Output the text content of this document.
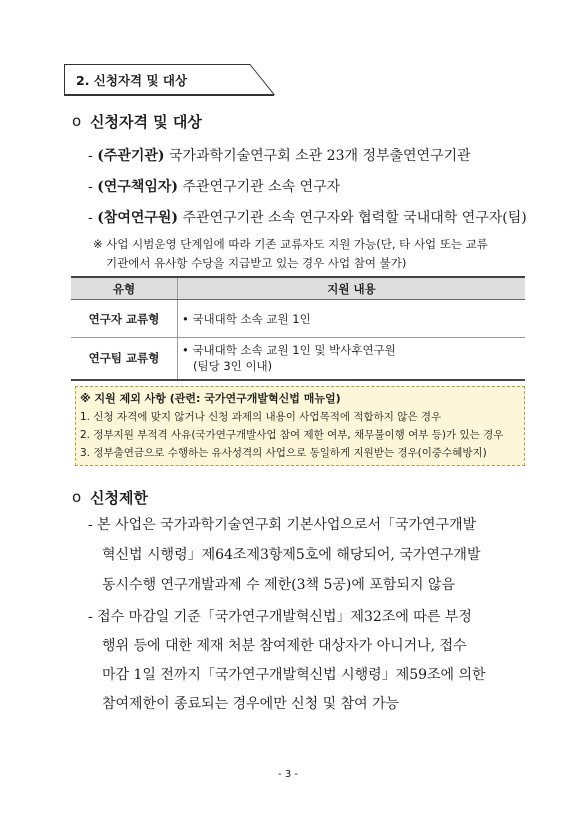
2. 신청자격 및 대상
o 신청자격 및 대상
- (주관기관) 국가과학기술연구회 소관 23개 정부출연연구기관
- (연구책임자) 주관연구기관 소속 연구자
- (참여연구원) 주관연구기관 소속 연구자와 협력할 국내대학 연구자(팀)
※ 사업 시범운영 단계임에 따라 기존 교류자도 지원 가능(단, 타 사업 또는 교류
기관에서 유사항 수당을 지급받고 있는 경우 사업 참여 불가)
유형	지원 내용
연구자 교류형	• 국내대학 소속 교원 1인
연구팀 교류형	• 국내대학 소속 교원 1인 및 박사후연구원
(팀당 3인 이내)
※ 지원 제외 사항 (관련: 국가연구개발혁신법 매뉴얼)
1. 신청 자격에 맞지 않거나 신청 과제의 내용이 사업목적에 적합하지 않은 경우
2. 정부지원 부적격 사유(국가연구개발사업 참여 제한 여부, 채무불이행 여부 등)가 있는 경우
3. 정부출연금으로 수행하는 유사성격의 사업으로 동일하게 지원받는 경우(이중수혜방지)
o 신청제한
- 본 사업은 국가과학기술연구회 기본사업으로서「국가연구개발
혁신법 시행령」제64조제3항제5호에 해당되어, 국가연구개발
동시수행 연구개발과제 수 제한(3책 5공)에 포함되지 않음
- 접수 마감일 기준「국가연구개발혁신법」제32조에 따른 부정
행위 등에 대한 제재 처분 참여제한 대상자가 아니거나, 접수
마감 1일 전까지「국가연구개발혁신법 시행령」제59조에 의한
참여제한이 종료되는 경우에만 신청 및 참여 가능
- 3 -
